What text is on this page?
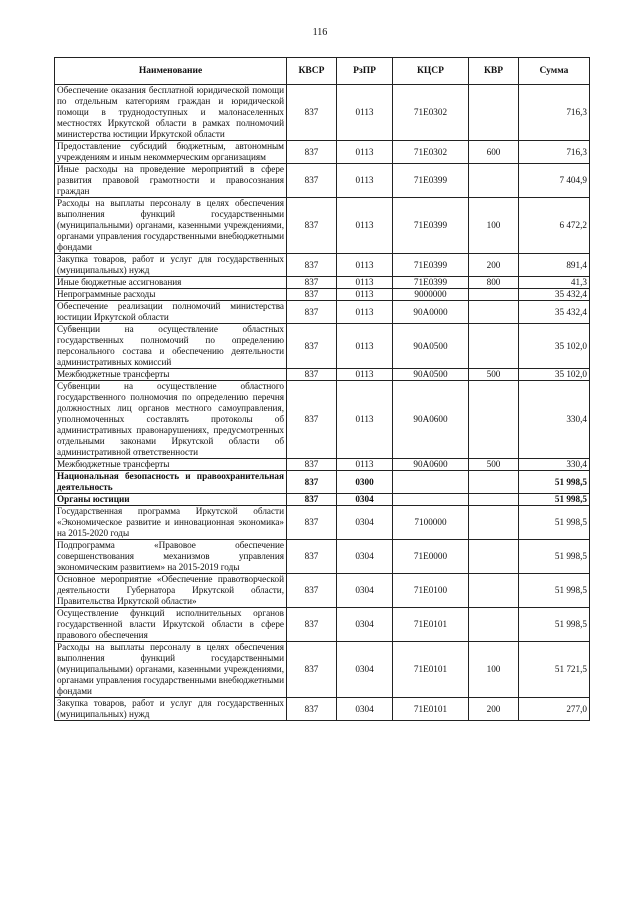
116
Наименование	КВСР	РзПР	КЦСР	КВР	Сумма
Обеспечение оказания бесплатной юридической помощи по отдельным категориям граждан и юридической помощи в труднодоступных и малонаселенных местностях Иркутской области в рамках полномочий министерства юстиции Иркутской области	837	0113	71Е0302		716,3
Предоставление субсидий бюджетным, автономным учреждениям и иным некоммерческим организациям	837	0113	71Е0302	600	716,3
Иные расходы на проведение мероприятий в сфере развития правовой грамотности и правосознания граждан	837	0113	71Е0399		7 404,9
Расходы на выплаты персоналу в целях обеспечения выполнения функций государственными (муниципальными) органами, казенными учреждениями, органами управления государственными внебюджетными фондами	837	0113	71Е0399	100	6 472,2
Закупка товаров, работ и услуг для государственных (муниципальных) нужд	837	0113	71Е0399	200	891,4
Иные бюджетные ассигнования	837	0113	71Е0399	800	41,3
Непрограммные расходы	837	0113	9000000		35 432,4
Обеспечение реализации полномочий министерства юстиции Иркутской области	837	0113	90А0000		35 432,4
Субвенции на осуществление областных государственных полномочий по определению персонального состава и обеспечению деятельности административных комиссий	837	0113	90А0500		35 102,0
Межбюджетные трансферты	837	0113	90А0500	500	35 102,0
Субвенции на осуществление областного государственного полномочия по определению перечня должностных лиц органов местного самоуправления, уполномоченных составлять протоколы об административных правонарушениях, предусмотренных отдельными законами Иркутской области об административной ответственности	837	0113	90А0600		330,4
Межбюджетные трансферты	837	0113	90А0600	500	330,4
Национальная безопасность и правоохранительная деятельность	837	0300			51 998,5
Органы юстиции	837	0304			51 998,5
Государственная программа Иркутской области «Экономическое развитие и инновационная экономика» на 2015-2020 годы	837	0304	7100000		51 998,5
Подпрограмма «Правовое обеспечение совершенствования механизмов управления экономическим развитием» на 2015-2019 годы	837	0304	71Е0000		51 998,5
Основное мероприятие «Обеспечение правотворческой деятельности Губернатора Иркутской области, Правительства Иркутской области»	837	0304	71Е0100		51 998,5
Осуществление функций исполнительных органов государственной власти Иркутской области в сфере правового обеспечения	837	0304	71Е0101		51 998,5
Расходы на выплаты персоналу в целях обеспечения выполнения функций государственными (муниципальными) органами, казенными учреждениями, органами управления государственными внебюджетными фондами	837	0304	71Е0101	100	51 721,5
Закупка товаров, работ и услуг для государственных (муниципальных) нужд	837	0304	71Е0101	200	277,0
